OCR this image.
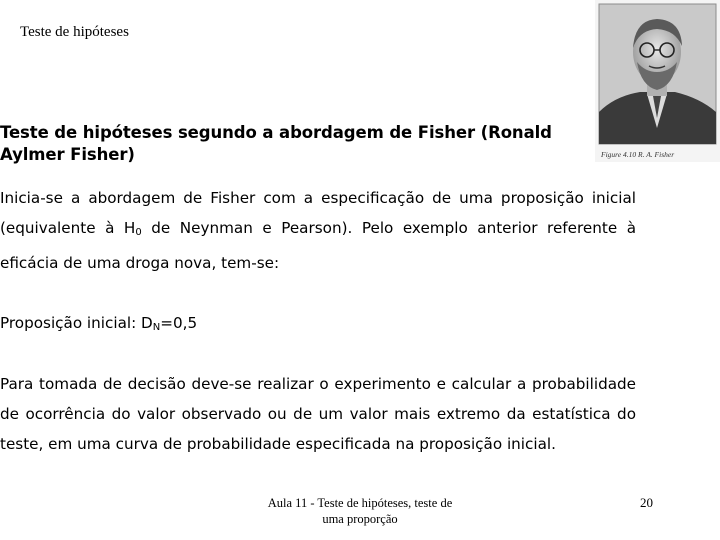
Teste de hipóteses
Figure 4.10 R. A. Fisher
Teste de hipóteses segundo a abordagem de Fisher (Ronald Aylmer Fisher)
Inicia-se a abordagem de Fisher com a especificação de uma proposição inicial (equivalente à $H_0$ de Neynman e Pearson). Pelo exemplo anterior referente à eficácia de uma droga nova, tem-se:
Proposição inicial: $D_N=0,5$
Para tomada de decisão deve-se realizar o experimento e calcular a probabilidade de ocorrência do valor observado ou de um valor mais extremo da estatística do teste, em uma curva de probabilidade especificada na proposição inicial.
Aula 11 - Teste de hipóteses, teste de
uma proporção
20
